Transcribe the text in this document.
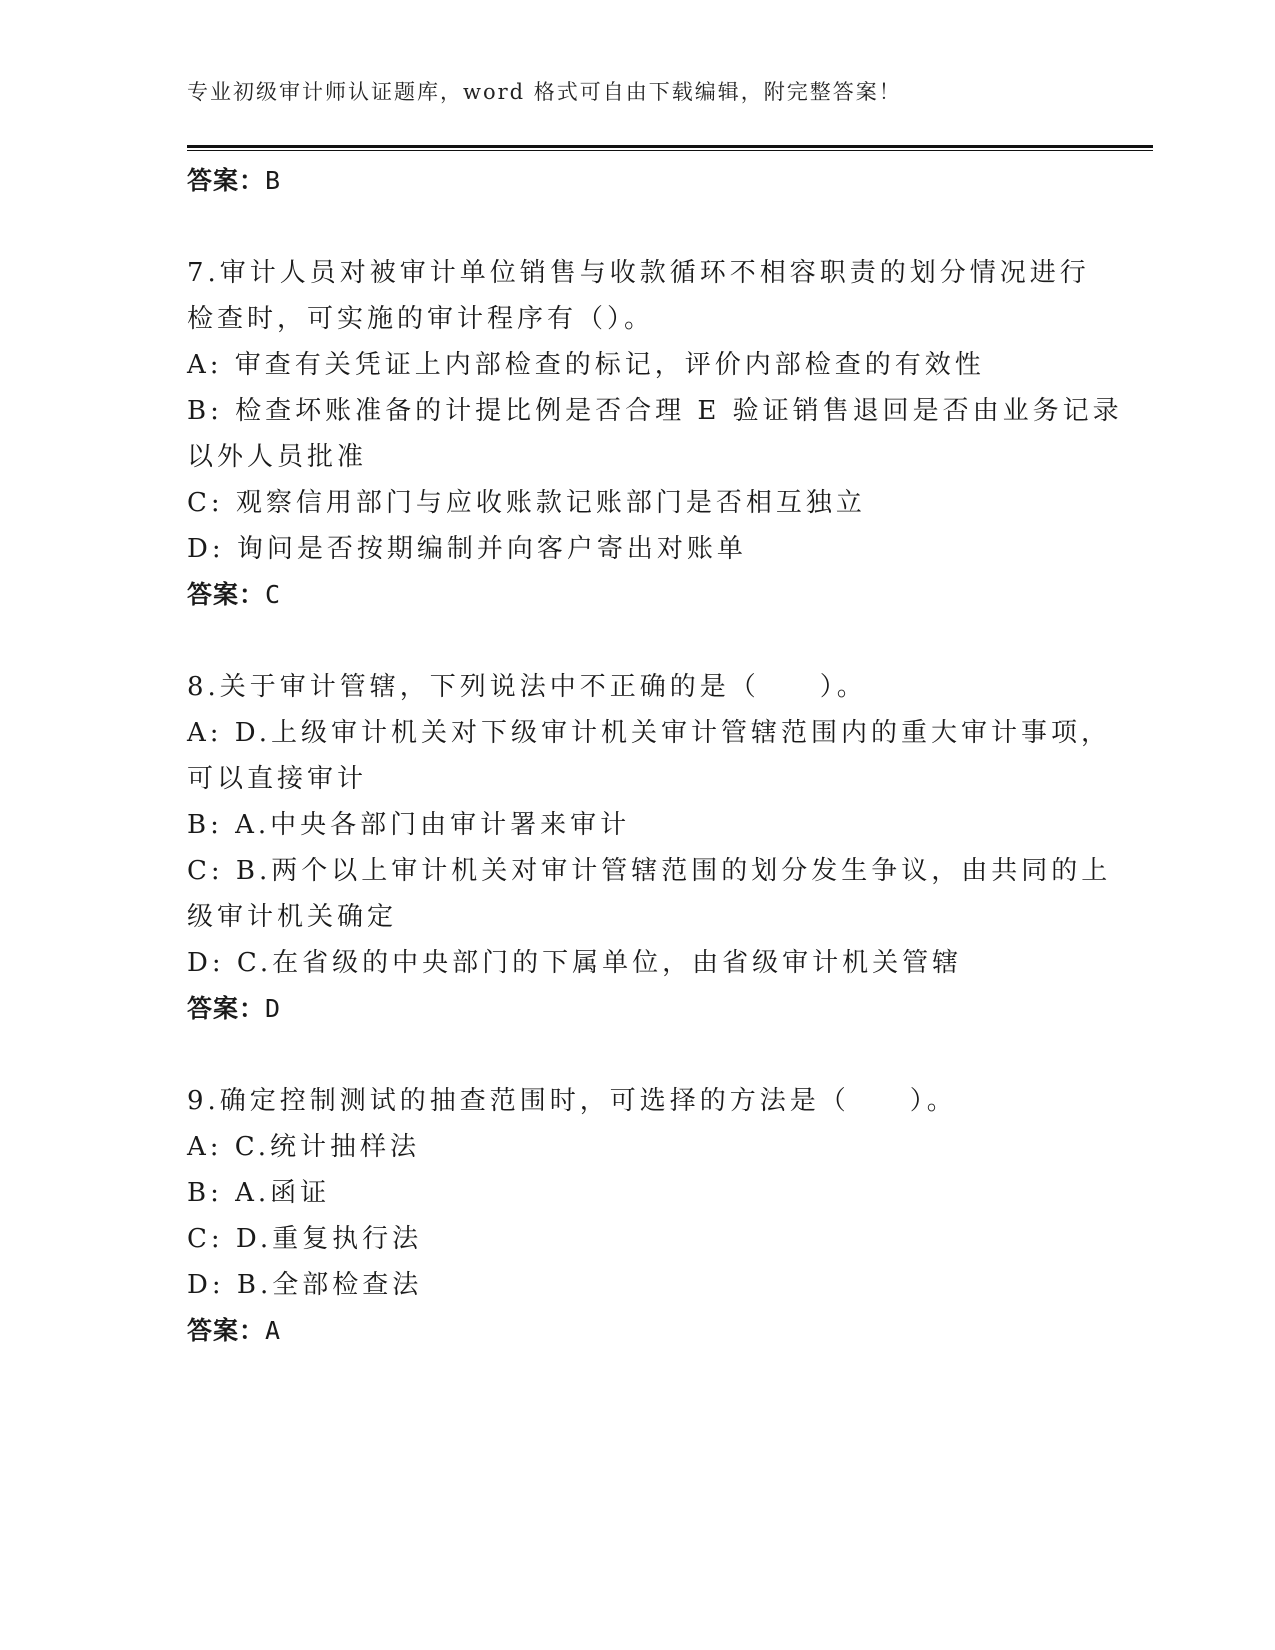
专业初级审计师认证题库，word 格式可自由下载编辑，附完整答案！
答案：B
7.审计人员对被审计单位销售与收款循环不相容职责的划分情况进行
检查时，可实施的审计程序有（）。
A: 审查有关凭证上内部检查的标记，评价内部检查的有效性
B: 检查坏账准备的计提比例是否合理 E 验证销售退回是否由业务记录
以外人员批准
C: 观察信用部门与应收账款记账部门是否相互独立
D: 询问是否按期编制并向客户寄出对账单
答案：C
8.关于审计管辖，下列说法中不正确的是（　　）。
A: D.上级审计机关对下级审计机关审计管辖范围内的重大审计事项，
可以直接审计
B: A.中央各部门由审计署来审计
C: B.两个以上审计机关对审计管辖范围的划分发生争议，由共同的上
级审计机关确定
D: C.在省级的中央部门的下属单位，由省级审计机关管辖
答案：D
9.确定控制测试的抽查范围时，可选择的方法是（　　）。
A: C.统计抽样法
B: A.函证
C: D.重复执行法
D: B.全部检查法
答案：A
